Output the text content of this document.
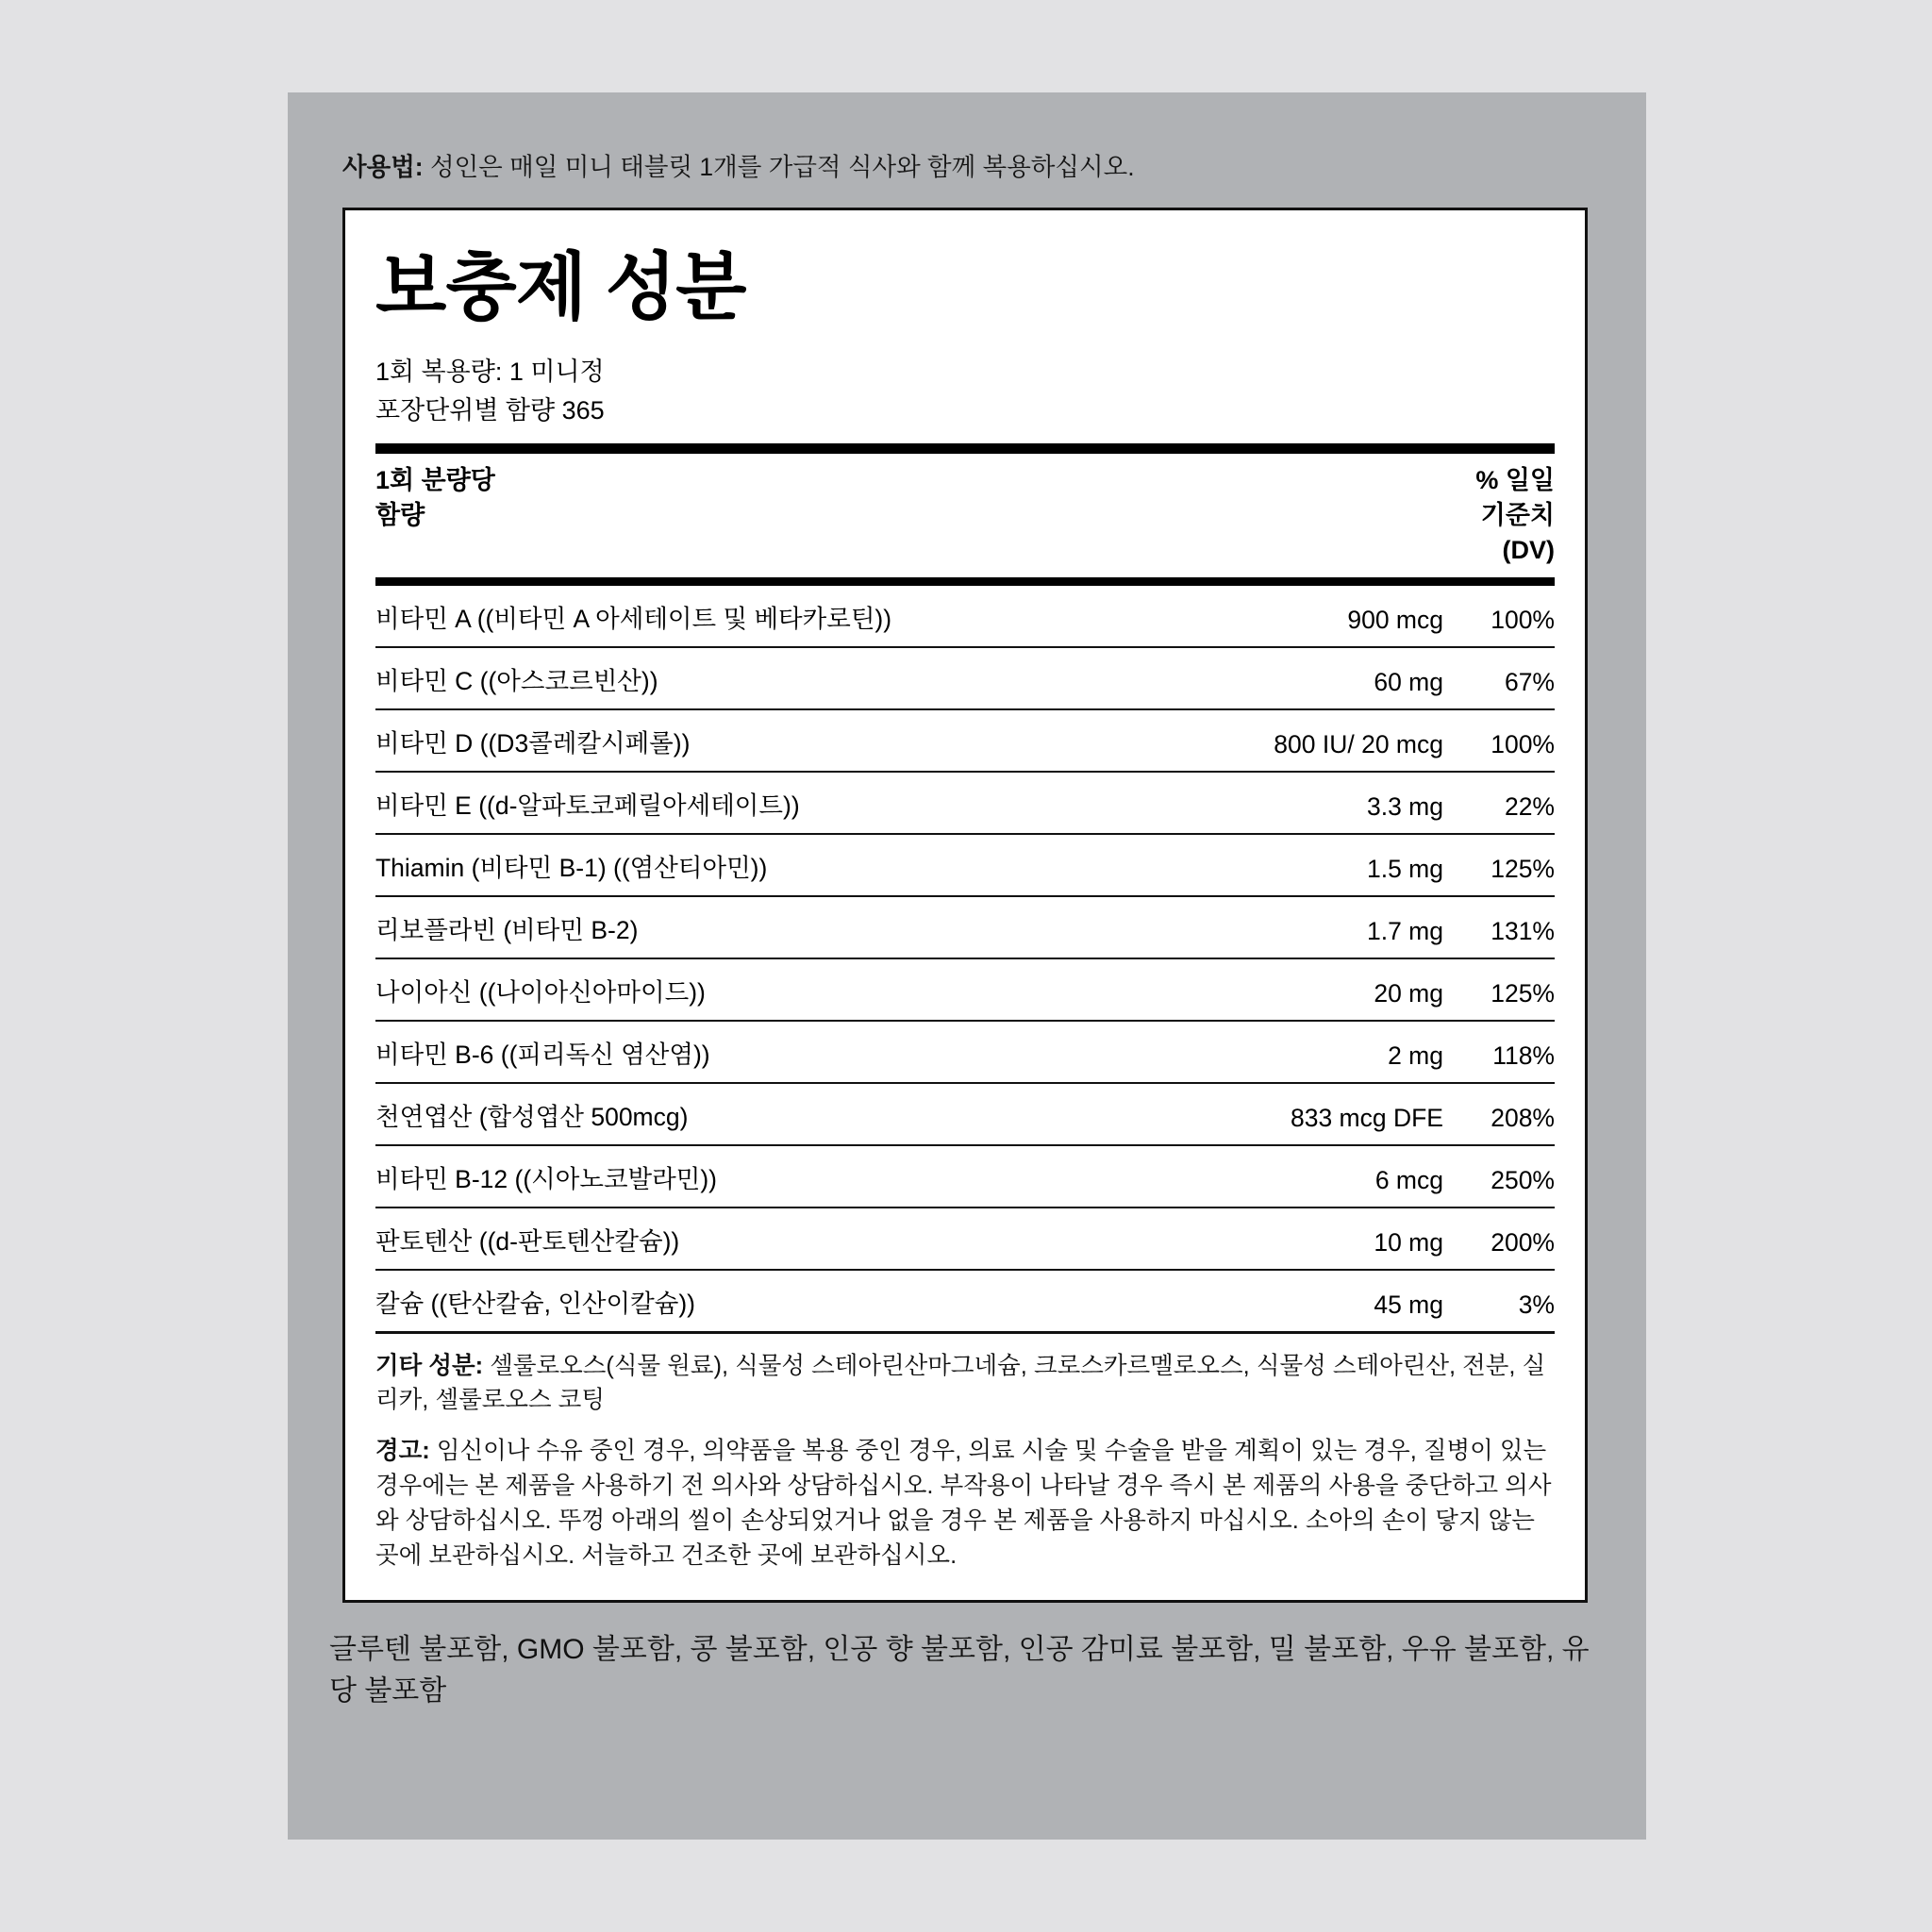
사용법: 성인은 매일 미니 태블릿 1개를 가급적 식사와 함께 복용하십시오.
보충제 성분
1회 복용량: 1 미니정
포장단위별 함량 365
1회 분량당
함량
% 일일
기준치
(DV)
비타민 A ((비타민 A 아세테이트 및 베타카로틴))	900 mcg	100%
비타민 C ((아스코르빈산))	60 mg	67%
비타민 D ((D3콜레칼시페롤))	800 IU/ 20 mcg	100%
비타민 E ((d-알파토코페릴아세테이트))	3.3 mg	22%
Thiamin (비타민 B-1) ((염산티아민))	1.5 mg	125%
리보플라빈 (비타민 B-2)	1.7 mg	131%
나이아신 ((나이아신아마이드))	20 mg	125%
비타민 B-6 ((피리독신 염산염))	2 mg	118%
천연엽산 (합성엽산 500mcg)	833 mcg DFE	208%
비타민 B-12 ((시아노코발라민))	6 mcg	250%
판토텐산 ((d-판토텐산칼슘))	10 mg	200%
칼슘 ((탄산칼슘, 인산이칼슘))	45 mg	3%
기타 성분: 셀룰로오스(식물 원료), 식물성 스테아린산마그네슘, 크로스카르멜로오스, 식물성 스테아린산, 전분, 실리카, 셀룰로오스 코팅
경고: 임신이나 수유 중인 경우, 의약품을 복용 중인 경우, 의료 시술 및 수술을 받을 계획이 있는 경우, 질병이 있는 경우에는 본 제품을 사용하기 전 의사와 상담하십시오. 부작용이 나타날 경우 즉시 본 제품의 사용을 중단하고 의사와 상담하십시오. 뚜껑 아래의 씰이 손상되었거나 없을 경우 본 제품을 사용하지 마십시오. 소아의 손이 닿지 않는 곳에 보관하십시오. 서늘하고 건조한 곳에 보관하십시오.
글루텐 불포함, GMO 불포함, 콩 불포함, 인공 향 불포함, 인공 감미료 불포함, 밀 불포함, 우유 불포함, 유당 불포함
